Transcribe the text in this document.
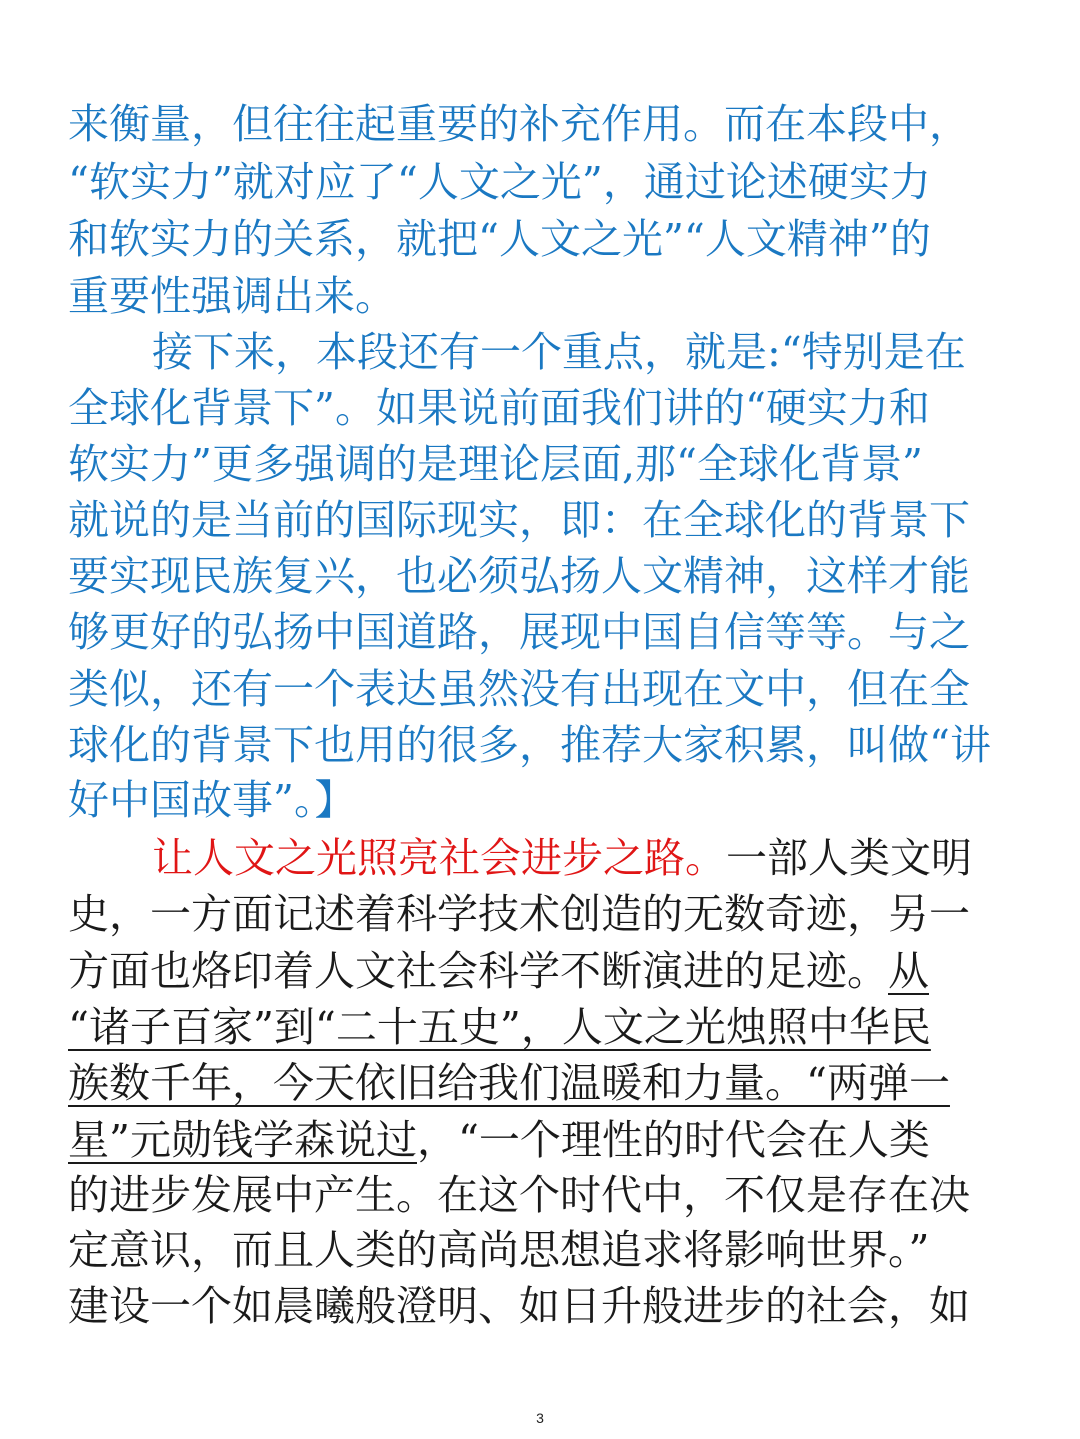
来衡量，但往往起重要的补充作用。而在本段中，
“软实力”就对应了“人文之光”，通过论述硬实力
和软实力的关系，就把“人文之光”“人文精神”的
重要性强调出来。
接下来，本段还有一个重点，就是:“特别是在
全球化背景下”。如果说前面我们讲的“硬实力和
软实力”更多强调的是理论层面,那“全球化背景”
就说的是当前的国际现实，即：在全球化的背景下
要实现民族复兴，也必须弘扬人文精神，这样才能
够更好的弘扬中国道路，展现中国自信等等。与之
类似，还有一个表达虽然没有出现在文中，但在全
球化的背景下也用的很多，推荐大家积累，叫做“讲
好中国故事”。】
让人文之光照亮社会进步之路。一部人类文明
史，一方面记述着科学技术创造的无数奇迹，另一
方面也烙印着人文社会科学不断演进的足迹。从
“诸子百家”到“二十五史”，人文之光烛照中华民
族数千年，今天依旧给我们温暖和力量。“两弹一
星”元勋钱学森说过，“一个理性的时代会在人类
的进步发展中产生。在这个时代中，不仅是存在决
定意识，而且人类的高尚思想追求将影响世界。”
建设一个如晨曦般澄明、如日升般进步的社会，如
3
